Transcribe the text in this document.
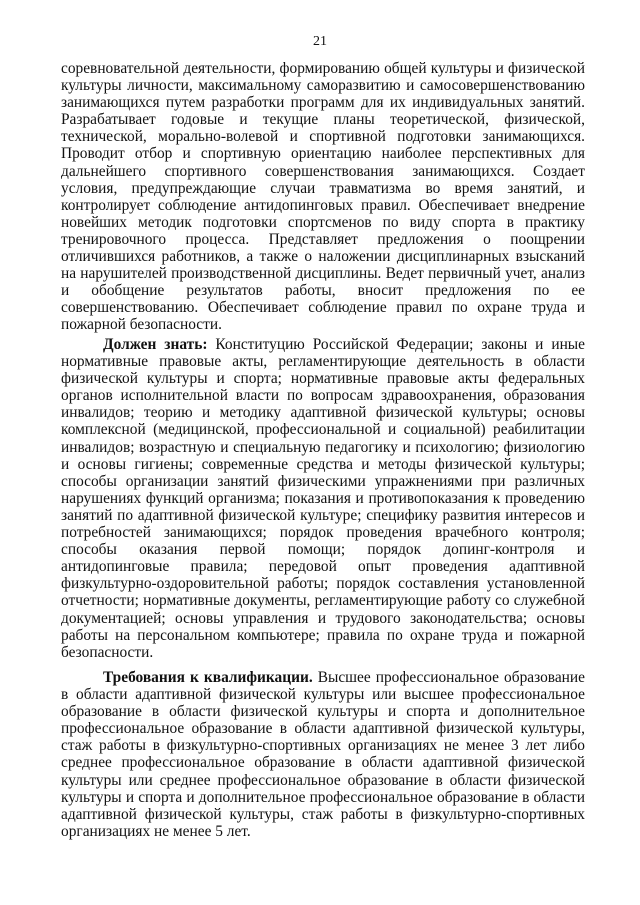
21

соревновательной деятельности, формированию общей культуры и физической культуры личности, максимальному саморазвитию и самосовершенствованию занимающихся путем разработки программ для их индивидуальных занятий. Разрабатывает годовые и текущие планы теоретической, физической, технической, морально-волевой и спортивной подготовки занимающихся. Проводит отбор и спортивную ориентацию наиболее перспективных для дальнейшего спортивного совершенствования занимающихся. Создает условия, предупреждающие случаи травматизма во время занятий, и контролирует соблюдение антидопинговых правил. Обеспечивает внедрение новейших методик подготовки спортсменов по виду спорта в практику тренировочного процесса. Представляет предложения о поощрении отличившихся работников, а также о наложении дисциплинарных взысканий на нарушителей производственной дисциплины. Ведет первичный учет, анализ и обобщение результатов работы, вносит предложения по ее совершенствованию. Обеспечивает соблюдение правил по охране труда и пожарной безопасности.

Должен знать: Конституцию Российской Федерации; законы и иные нормативные правовые акты, регламентирующие деятельность в области физической культуры и спорта; нормативные правовые акты федеральных органов исполнительной власти по вопросам здравоохранения, образования инвалидов; теорию и методику адаптивной физической культуры; основы комплексной (медицинской, профессиональной и социальной) реабилитации инвалидов; возрастную и специальную педагогику и психологию; физиологию и основы гигиены; современные средства и методы физической культуры; способы организации занятий физическими упражнениями при различных нарушениях функций организма; показания и противопоказания к проведению занятий по адаптивной физической культуре; специфику развития интересов и потребностей занимающихся; порядок проведения врачебного контроля; способы оказания первой помощи; порядок допинг-контроля и антидопинговые правила; передовой опыт проведения адаптивной физкультурно-оздоровительной работы; порядок составления установленной отчетности; нормативные документы, регламентирующие работу со служебной документацией; основы управления и трудового законодательства; основы работы на персональном компьютере; правила по охране труда и пожарной безопасности.

Требования к квалификации. Высшее профессиональное образование в области адаптивной физической культуры или высшее профессиональное образование в области физической культуры и спорта и дополнительное профессиональное образование в области адаптивной физической культуры, стаж работы в физкультурно-спортивных организациях не менее 3 лет либо среднее профессиональное образование в области адаптивной физической культуры или среднее профессиональное образование в области физической культуры и спорта и дополнительное профессиональное образование в области адаптивной физической культуры, стаж работы в физкультурно-спортивных организациях не менее 5 лет.
